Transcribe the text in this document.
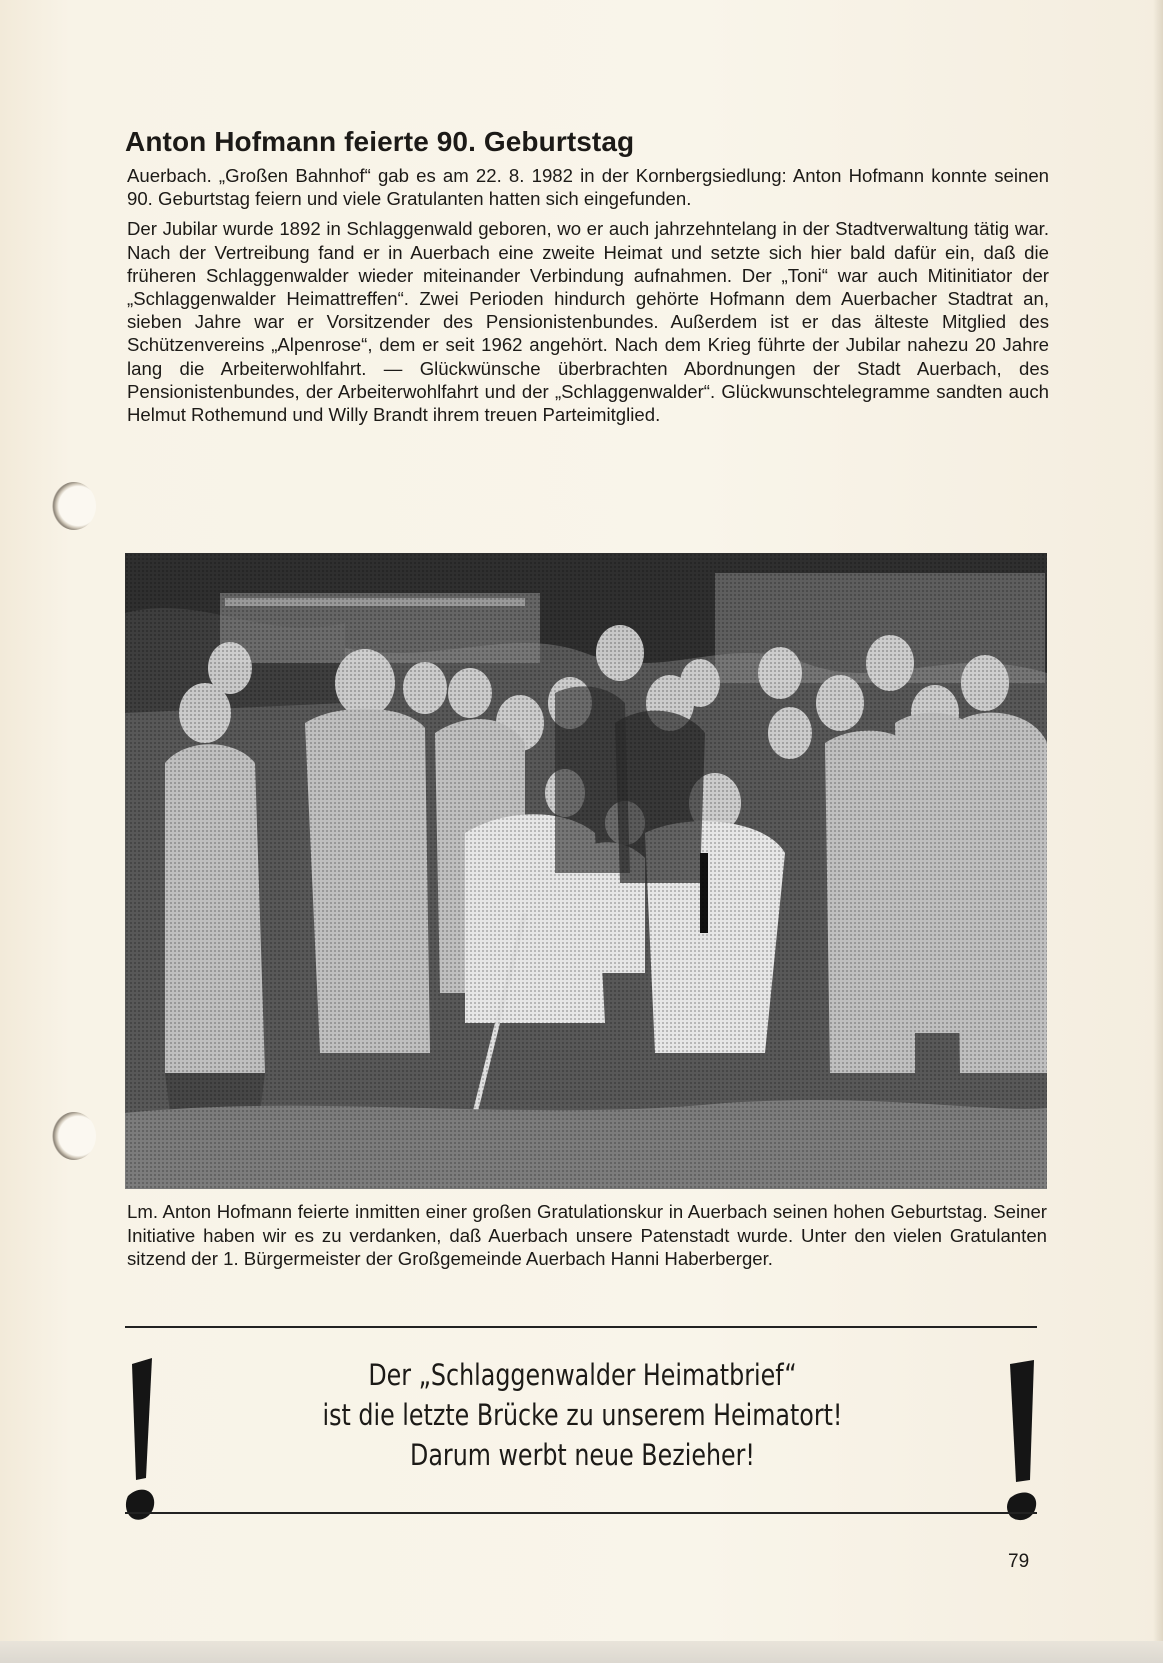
Anton Hofmann feierte 90. Geburtstag

Auerbach. „Großen Bahnhof“ gab es am 22. 8. 1982 in der Kornbergsiedlung: Anton Hofmann konnte seinen 90. Geburtstag feiern und viele Gratulanten hatten sich eingefunden.

Der Jubilar wurde 1892 in Schlaggenwald geboren, wo er auch jahrzehntelang in der Stadtverwaltung tätig war. Nach der Vertreibung fand er in Auerbach eine zweite Heimat und setzte sich hier bald dafür ein, daß die früheren Schlaggenwalder wieder miteinander Verbindung aufnahmen. Der „Toni“ war auch Mitinitiator der „Schlaggenwalder Heimattreffen“. Zwei Perioden hindurch gehörte Hofmann dem Auerbacher Stadtrat an, sieben Jahre war er Vorsitzender des Pensionistenbundes. Außerdem ist er das älteste Mitglied des Schützenvereins „Alpenrose“, dem er seit 1962 angehört. Nach dem Krieg führte der Jubilar nahezu 20 Jahre lang die Arbeiterwohlfahrt. — Glückwünsche überbrachten Abordnungen der Stadt Auerbach, des Pensionistenbundes, der Arbeiterwohlfahrt und der „Schlaggenwalder“. Glückwunschtelegramme sandten auch Helmut Rothemund und Willy Brandt ihrem treuen Parteimitglied.

Lm. Anton Hofmann feierte inmitten einer großen Gratulationskur in Auerbach seinen hohen Geburtstag. Seiner Initiative haben wir es zu verdanken, daß Auerbach unsere Patenstadt wurde. Unter den vielen Gratulanten sitzend der 1. Bürgermeister der Großgemeinde Auerbach Hanni Haberberger.
Der „Schlaggenwalder Heimatbrief“
ist die letzte Brücke zu unserem Heimatort!
Darum werbt neue Bezieher!
79
